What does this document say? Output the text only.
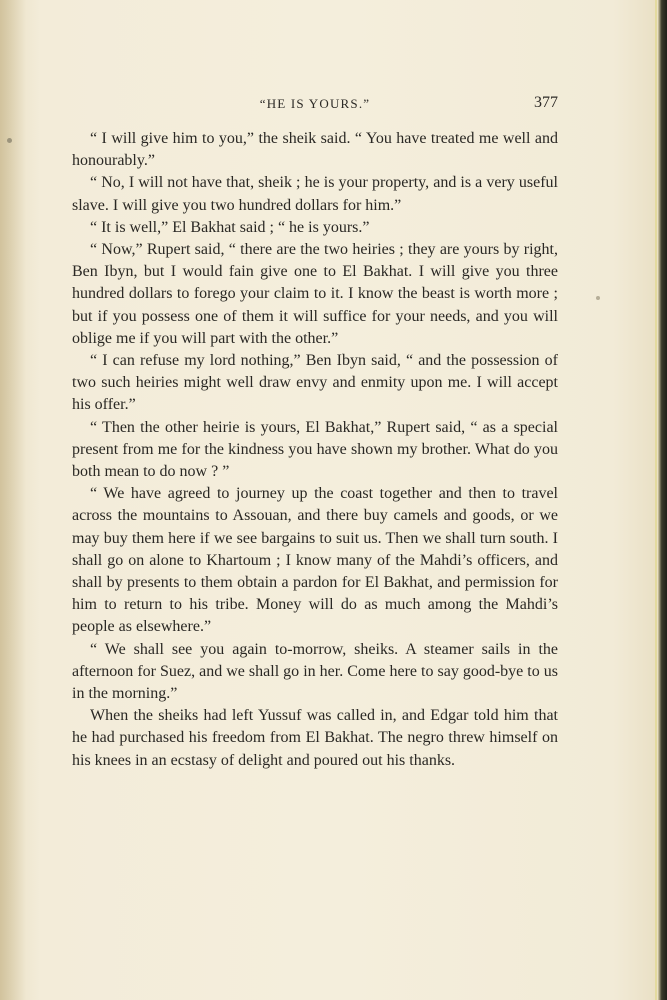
“HE IS YOURS.”	377

“ I will give him to you,” the sheik said. “ You have treated me well and honourably.”

“ No, I will not have that, sheik ; he is your property, and is a very useful slave. I will give you two hundred dollars for him.”

“ It is well,” El Bakhat said ; “ he is yours.”

“ Now,” Rupert said, “ there are the two heiries ; they are yours by right, Ben Ibyn, but I would fain give one to El Bakhat. I will give you three hundred dollars to forego your claim to it. I know the beast is worth more ; but if you possess one of them it will suffice for your needs, and you will oblige me if you will part with the other.”

“ I can refuse my lord nothing,” Ben Ibyn said, “ and the possession of two such heiries might well draw envy and enmity upon me. I will accept his offer.”

“ Then the other heirie is yours, El Bakhat,” Rupert said, “ as a special present from me for the kindness you have shown my brother. What do you both mean to do now ? ”

“ We have agreed to journey up the coast together and then to travel across the mountains to Assouan, and there buy camels and goods, or we may buy them here if we see bargains to suit us. Then we shall turn south. I shall go on alone to Khartoum ; I know many of the Mahdi’s officers, and shall by presents to them obtain a pardon for El Bakhat, and permission for him to return to his tribe. Money will do as much among the Mahdi’s people as elsewhere.”

“ We shall see you again to-morrow, sheiks. A steamer sails in the afternoon for Suez, and we shall go in her. Come here to say good-bye to us in the morning.”

When the sheiks had left Yussuf was called in, and Edgar told him that he had purchased his freedom from El Bakhat. The negro threw himself on his knees in an ecstasy of delight and poured out his thanks.
